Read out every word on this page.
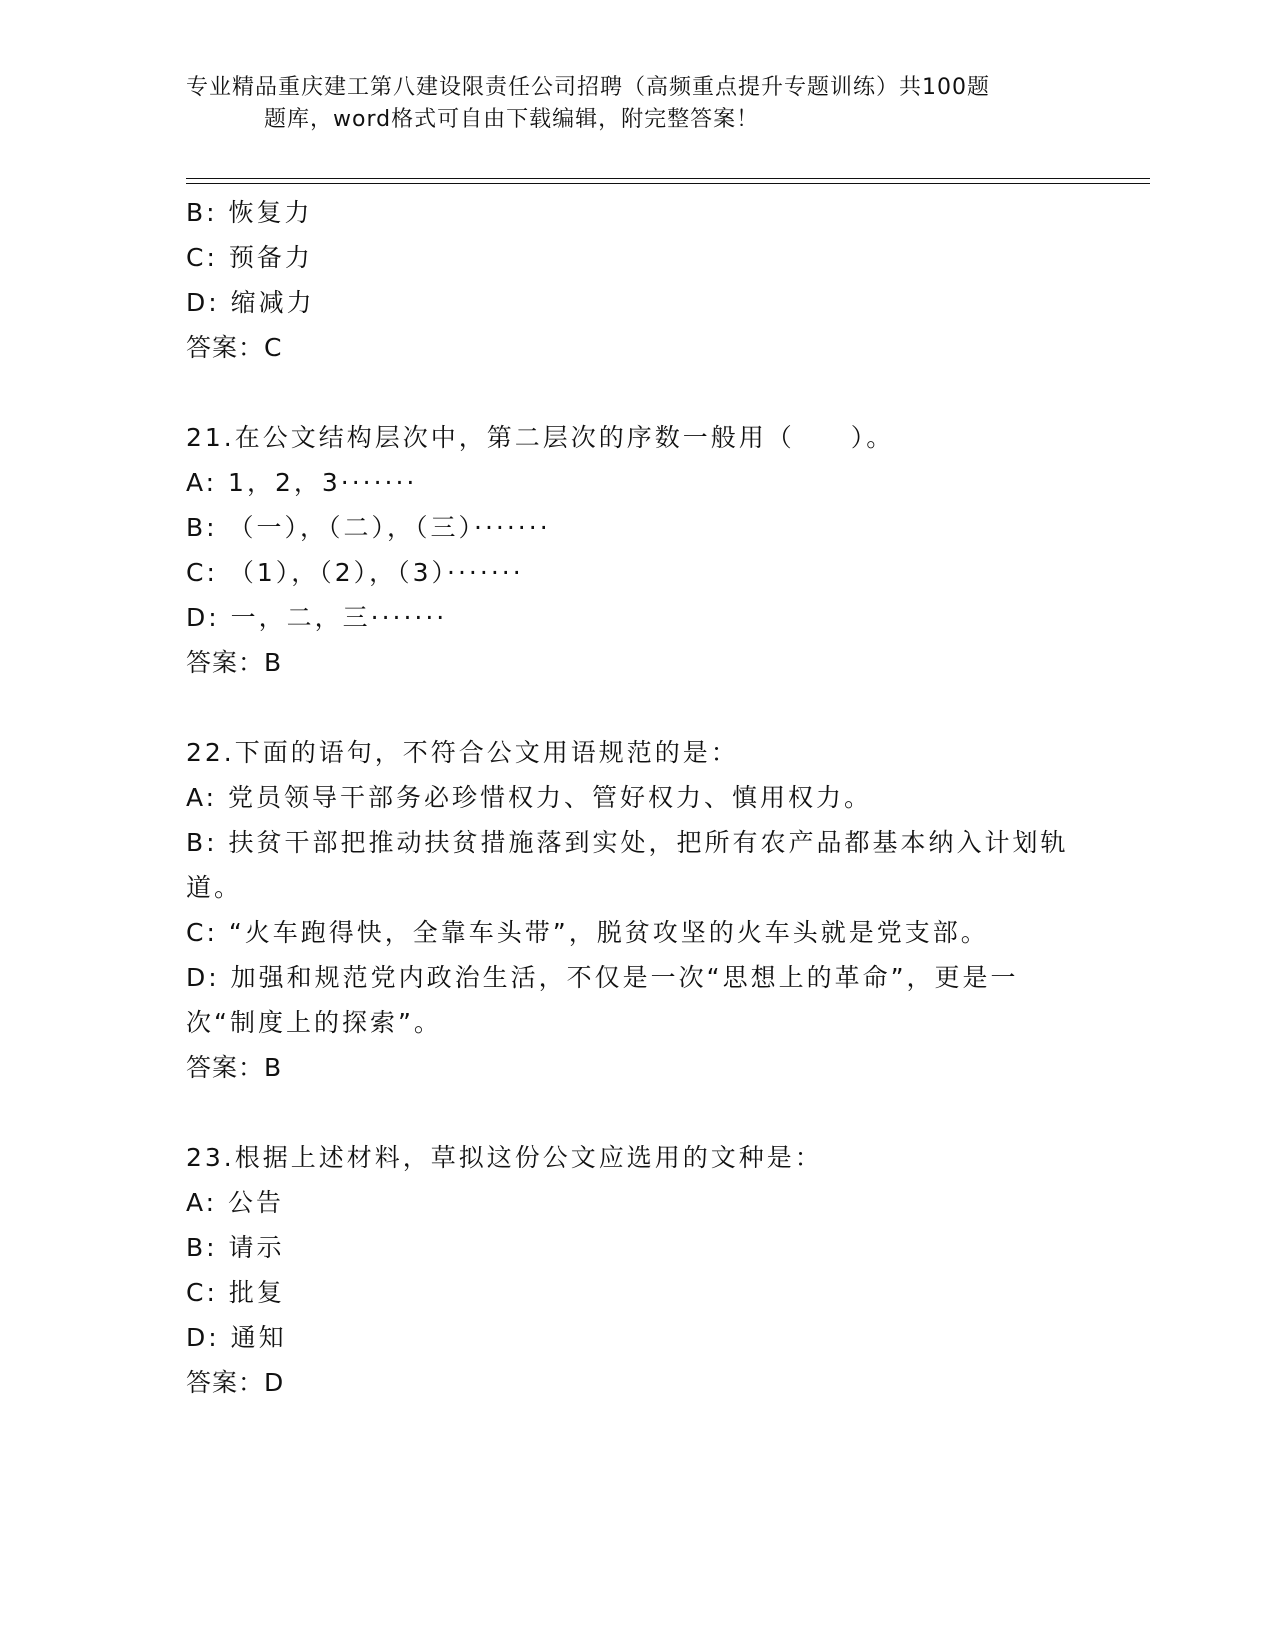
专业精品重庆建工第八建设限责任公司招聘（高频重点提升专题训练）共100题
题库，word格式可自由下载编辑，附完整答案！
B: 恢复力
C: 预备力
D: 缩减力
答案：C
21.在公文结构层次中，第二层次的序数一般用（　　）。
A: 1，2，3·······
B: （一），（二），（三）·······
C: （1），（2），（3）·······
D: 一，二，三·······
答案：B
22.下面的语句，不符合公文用语规范的是：
A: 党员领导干部务必珍惜权力、管好权力、慎用权力。
B: 扶贫干部把推动扶贫措施落到实处，把所有农产品都基本纳入计划轨道。
C: “火车跑得快，全靠车头带”，脱贫攻坚的火车头就是党支部。
D: 加强和规范党内政治生活，不仅是一次“思想上的革命”，更是一次“制度上的探索”。
答案：B
23.根据上述材料，草拟这份公文应选用的文种是：
A: 公告
B: 请示
C: 批复
D: 通知
答案：D
